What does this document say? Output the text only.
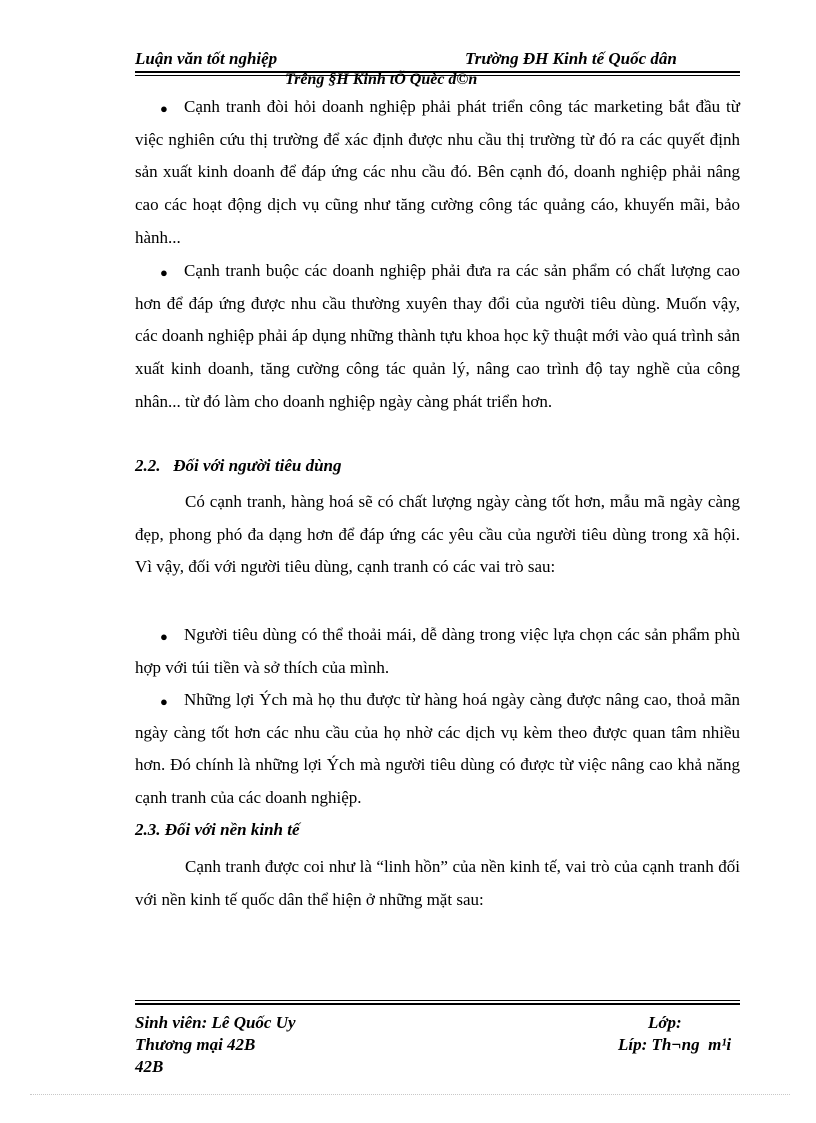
Luận văn tốt nghiệp	Trường ĐH Kinh tế Quốc dân
Trêng §H Kinh tÕ Quèc d©n
● Cạnh tranh đòi hỏi doanh nghiệp phải phát triển công tác marketing bắt đầu từ việc nghiên cứu thị trường để xác định được nhu cầu thị trường từ đó ra các quyết định sản xuất kinh doanh để đáp ứng các nhu cầu đó. Bên cạnh đó, doanh nghiệp phải nâng cao các hoạt động dịch vụ cũng như tăng cường công tác quảng cáo, khuyến mãi, bảo hành...
● Cạnh tranh buộc các doanh nghiệp phải đưa ra các sản phẩm có chất lượng cao hơn để đáp ứng được nhu cầu thường xuyên thay đổi của người tiêu dùng. Muốn vậy, các doanh nghiệp phải áp dụng những thành tựu khoa học kỹ thuật mới vào quá trình sản xuất kinh doanh, tăng cường công tác quản lý, nâng cao trình độ tay nghề của công nhân... từ đó làm cho doanh nghiệp ngày càng phát triển hơn.
2.2.   Đối với người tiêu dùng
Có cạnh tranh, hàng hoá sẽ có chất lượng ngày càng tốt hơn, mẫu mã ngày càng đẹp, phong phó đa dạng hơn để đáp ứng các yêu cầu của người tiêu dùng trong xã hội. Vì vậy, đối với người tiêu dùng, cạnh tranh có các vai trò sau:
● Người tiêu dùng có thể thoải mái, dễ dàng trong việc lựa chọn các sản phẩm phù hợp với túi tiền và sở thích của mình.
● Những lợi Ých mà họ thu được từ hàng hoá ngày càng được nâng cao, thoả mãn ngày càng tốt hơn các nhu cầu của họ nhờ các dịch vụ kèm theo được quan tâm nhiều hơn. Đó chính là những lợi Ých mà người tiêu dùng có được từ việc nâng cao khả năng cạnh tranh của các doanh nghiệp.
2.3. Đối với nền kinh tế
Cạnh tranh được coi như là “linh hồn” của nền kinh tế, vai trò của cạnh tranh đối với nền kinh tế quốc dân thể hiện ở những mặt sau:
Sinh viên: Lê Quốc Uy	Lớp:
Thương mại 42B	Líp: Th¬ng  m¹i
42B
